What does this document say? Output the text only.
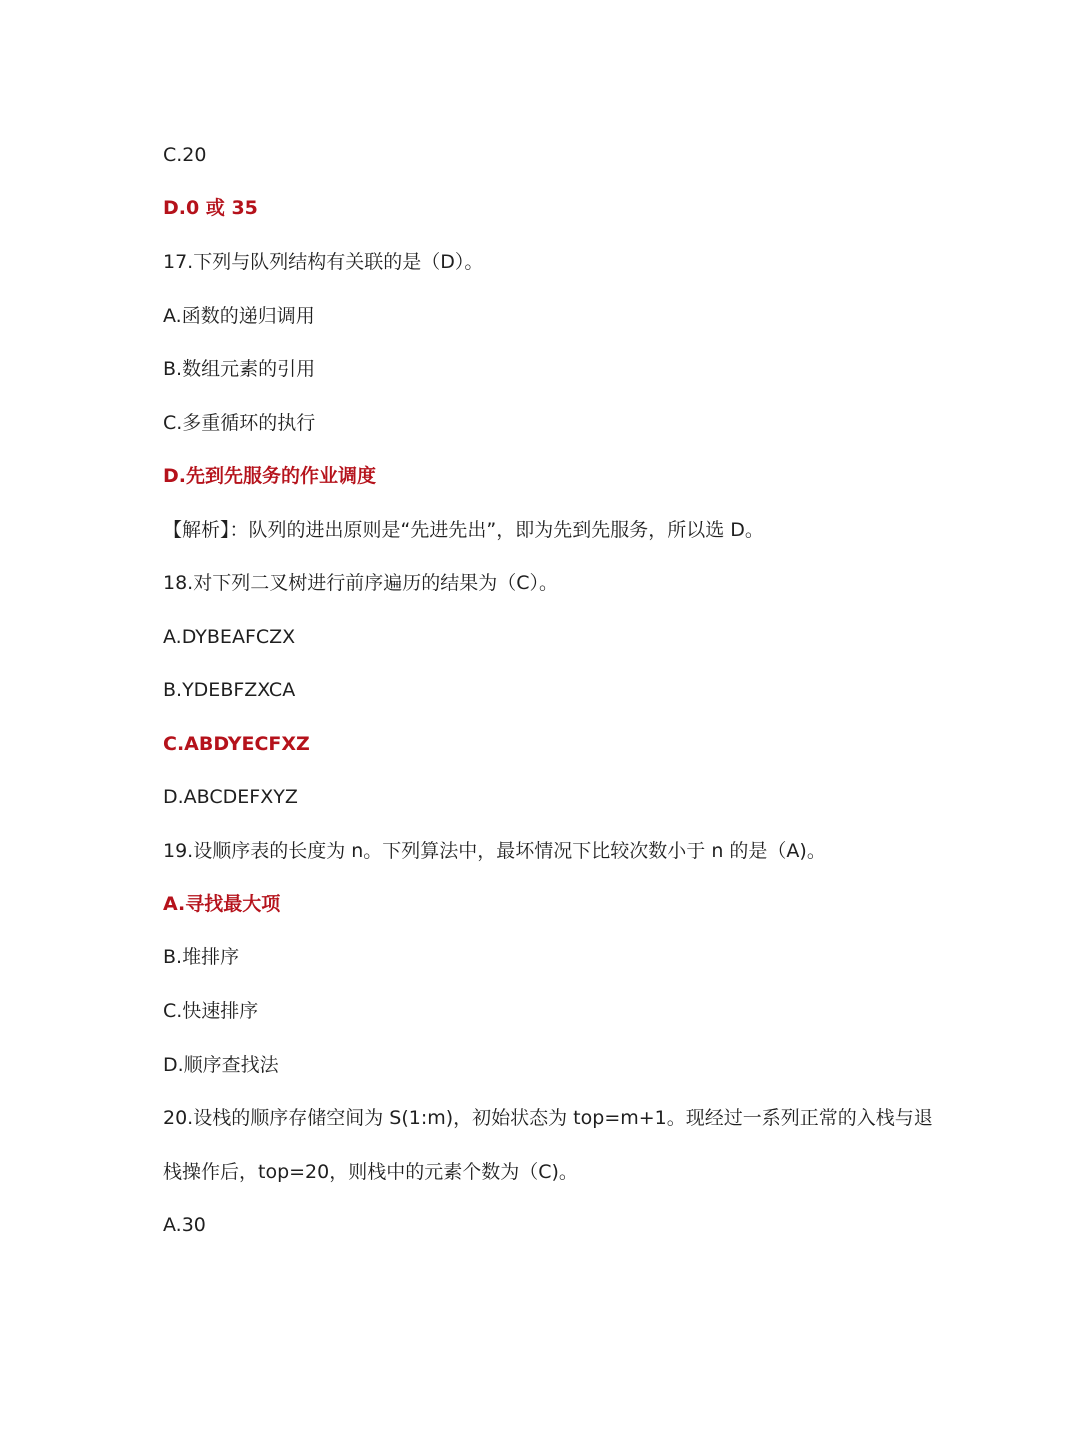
C.20
D.0 或 35
17.下列与队列结构有关联的是（D）。
A.函数的递归调用
B.数组元素的引用
C.多重循环的执行
D.先到先服务的作业调度
【解析】：队列的进出原则是“先进先出”，即为先到先服务，所以选 D。
18.对下列二叉树进行前序遍历的结果为（C）。
A.DYBEAFCZX
B.YDEBFZXCA
C.ABDYECFXZ
D.ABCDEFXYZ
19.设顺序表的长度为 n。下列算法中，最坏情况下比较次数小于 n 的是（A)。
A.寻找最大项
B.堆排序
C.快速排序
D.顺序查找法
20.设栈的顺序存储空间为 S(1:m)，初始状态为 top=m+1。现经过一系列正常的入栈与退
栈操作后，top=20，则栈中的元素个数为（C)。
A.30
